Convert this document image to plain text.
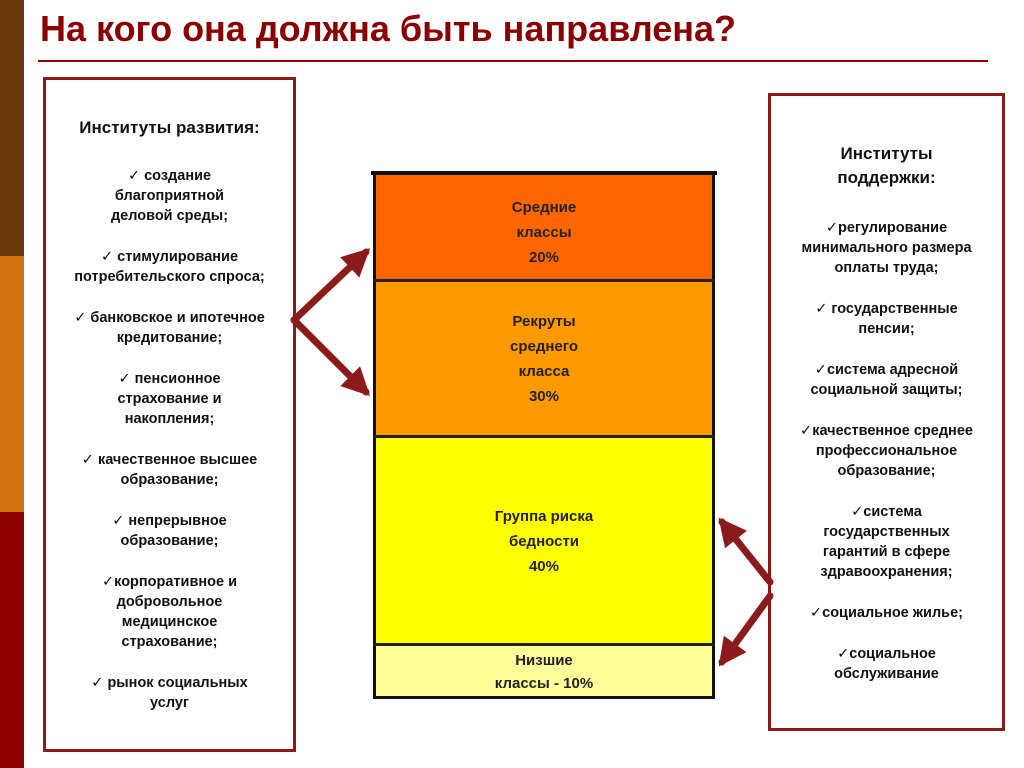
На кого она должна быть направлена?
Институты развития:
✓ создание благоприятной деловой среды;
✓ стимулирование потребительского спроса;
✓ банковское и ипотечное кредитование;
✓ пенсионное страхование и накопления;
✓ качественное высшее образование;
✓ непрерывное образование;
✓корпоративное и добровольное медицинское страхование;
✓ рынок социальных услуг
Институты
поддержки:
✓регулирование минимального размера оплаты труда;
✓ государственные пенсии;
✓система адресной социальной защиты;
✓качественное среднее профессиональное образование;
✓система государственных гарантий в сфере здравоохранения;
✓социальное жилье;
✓социальное обслуживание
Средние
классы
20%
Рекруты
среднего
класса
30%
Группа риска
бедности
40%
Низшие
классы - 10%
